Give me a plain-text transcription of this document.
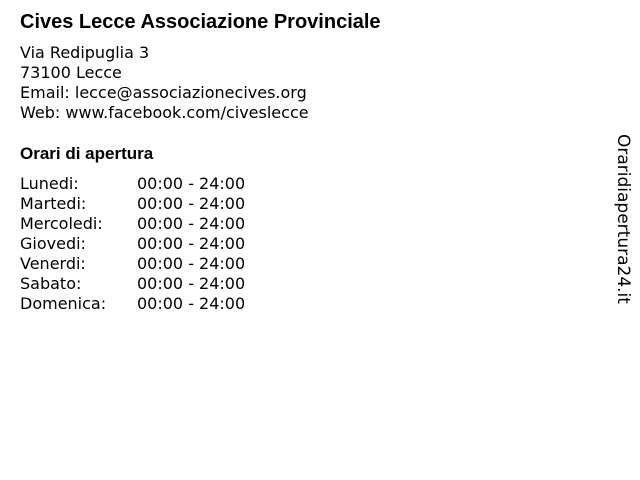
Cives Lecce Associazione Provinciale
Via Redipuglia 3
73100 Lecce
Email: lecce@associazionecives.org
Web: www.facebook.com/civeslecce
Orari di apertura
Lunedi:	00:00 - 24:00
Martedi:	00:00 - 24:00
Mercoledi: 00:00 - 24:00
Giovedi:	00:00 - 24:00
Venerdi:	00:00 - 24:00
Sabato:	00:00 - 24:00
Domenica: 00:00 - 24:00	Oraridiapertura24.it
